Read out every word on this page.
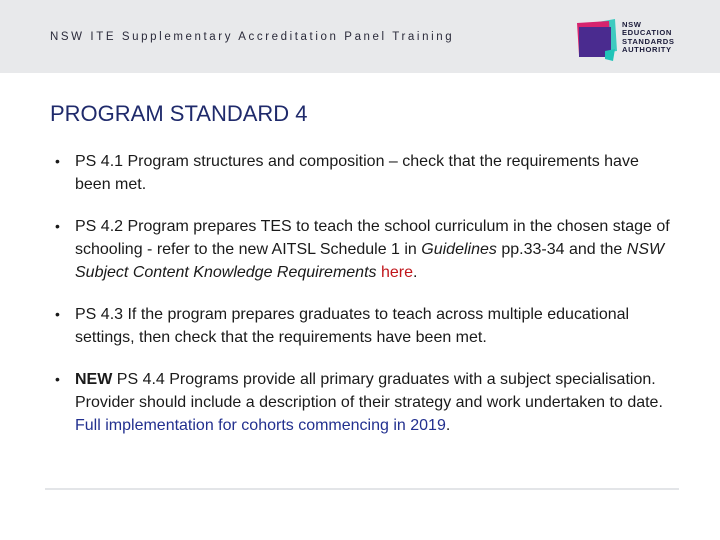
NSW ITE Supplementary Accreditation Panel Training
NSW
EDUCATION
STANDARDS
AUTHORITY
PROGRAM STANDARD 4
• PS 4.1 Program structures and composition – check that the requirements have been met.
• PS 4.2 Program prepares TES to teach the school curriculum in the chosen stage of schooling - refer to the new AITSL Schedule 1 in Guidelines pp.33-34 and the NSW Subject Content Knowledge Requirements here.
• PS 4.3 If the program prepares graduates to teach across multiple educational settings, then check that the requirements have been met.
• NEW PS 4.4 Programs provide all primary graduates with a subject specialisation. Provider should include a description of their strategy and work undertaken to date. Full implementation for cohorts commencing in 2019.
